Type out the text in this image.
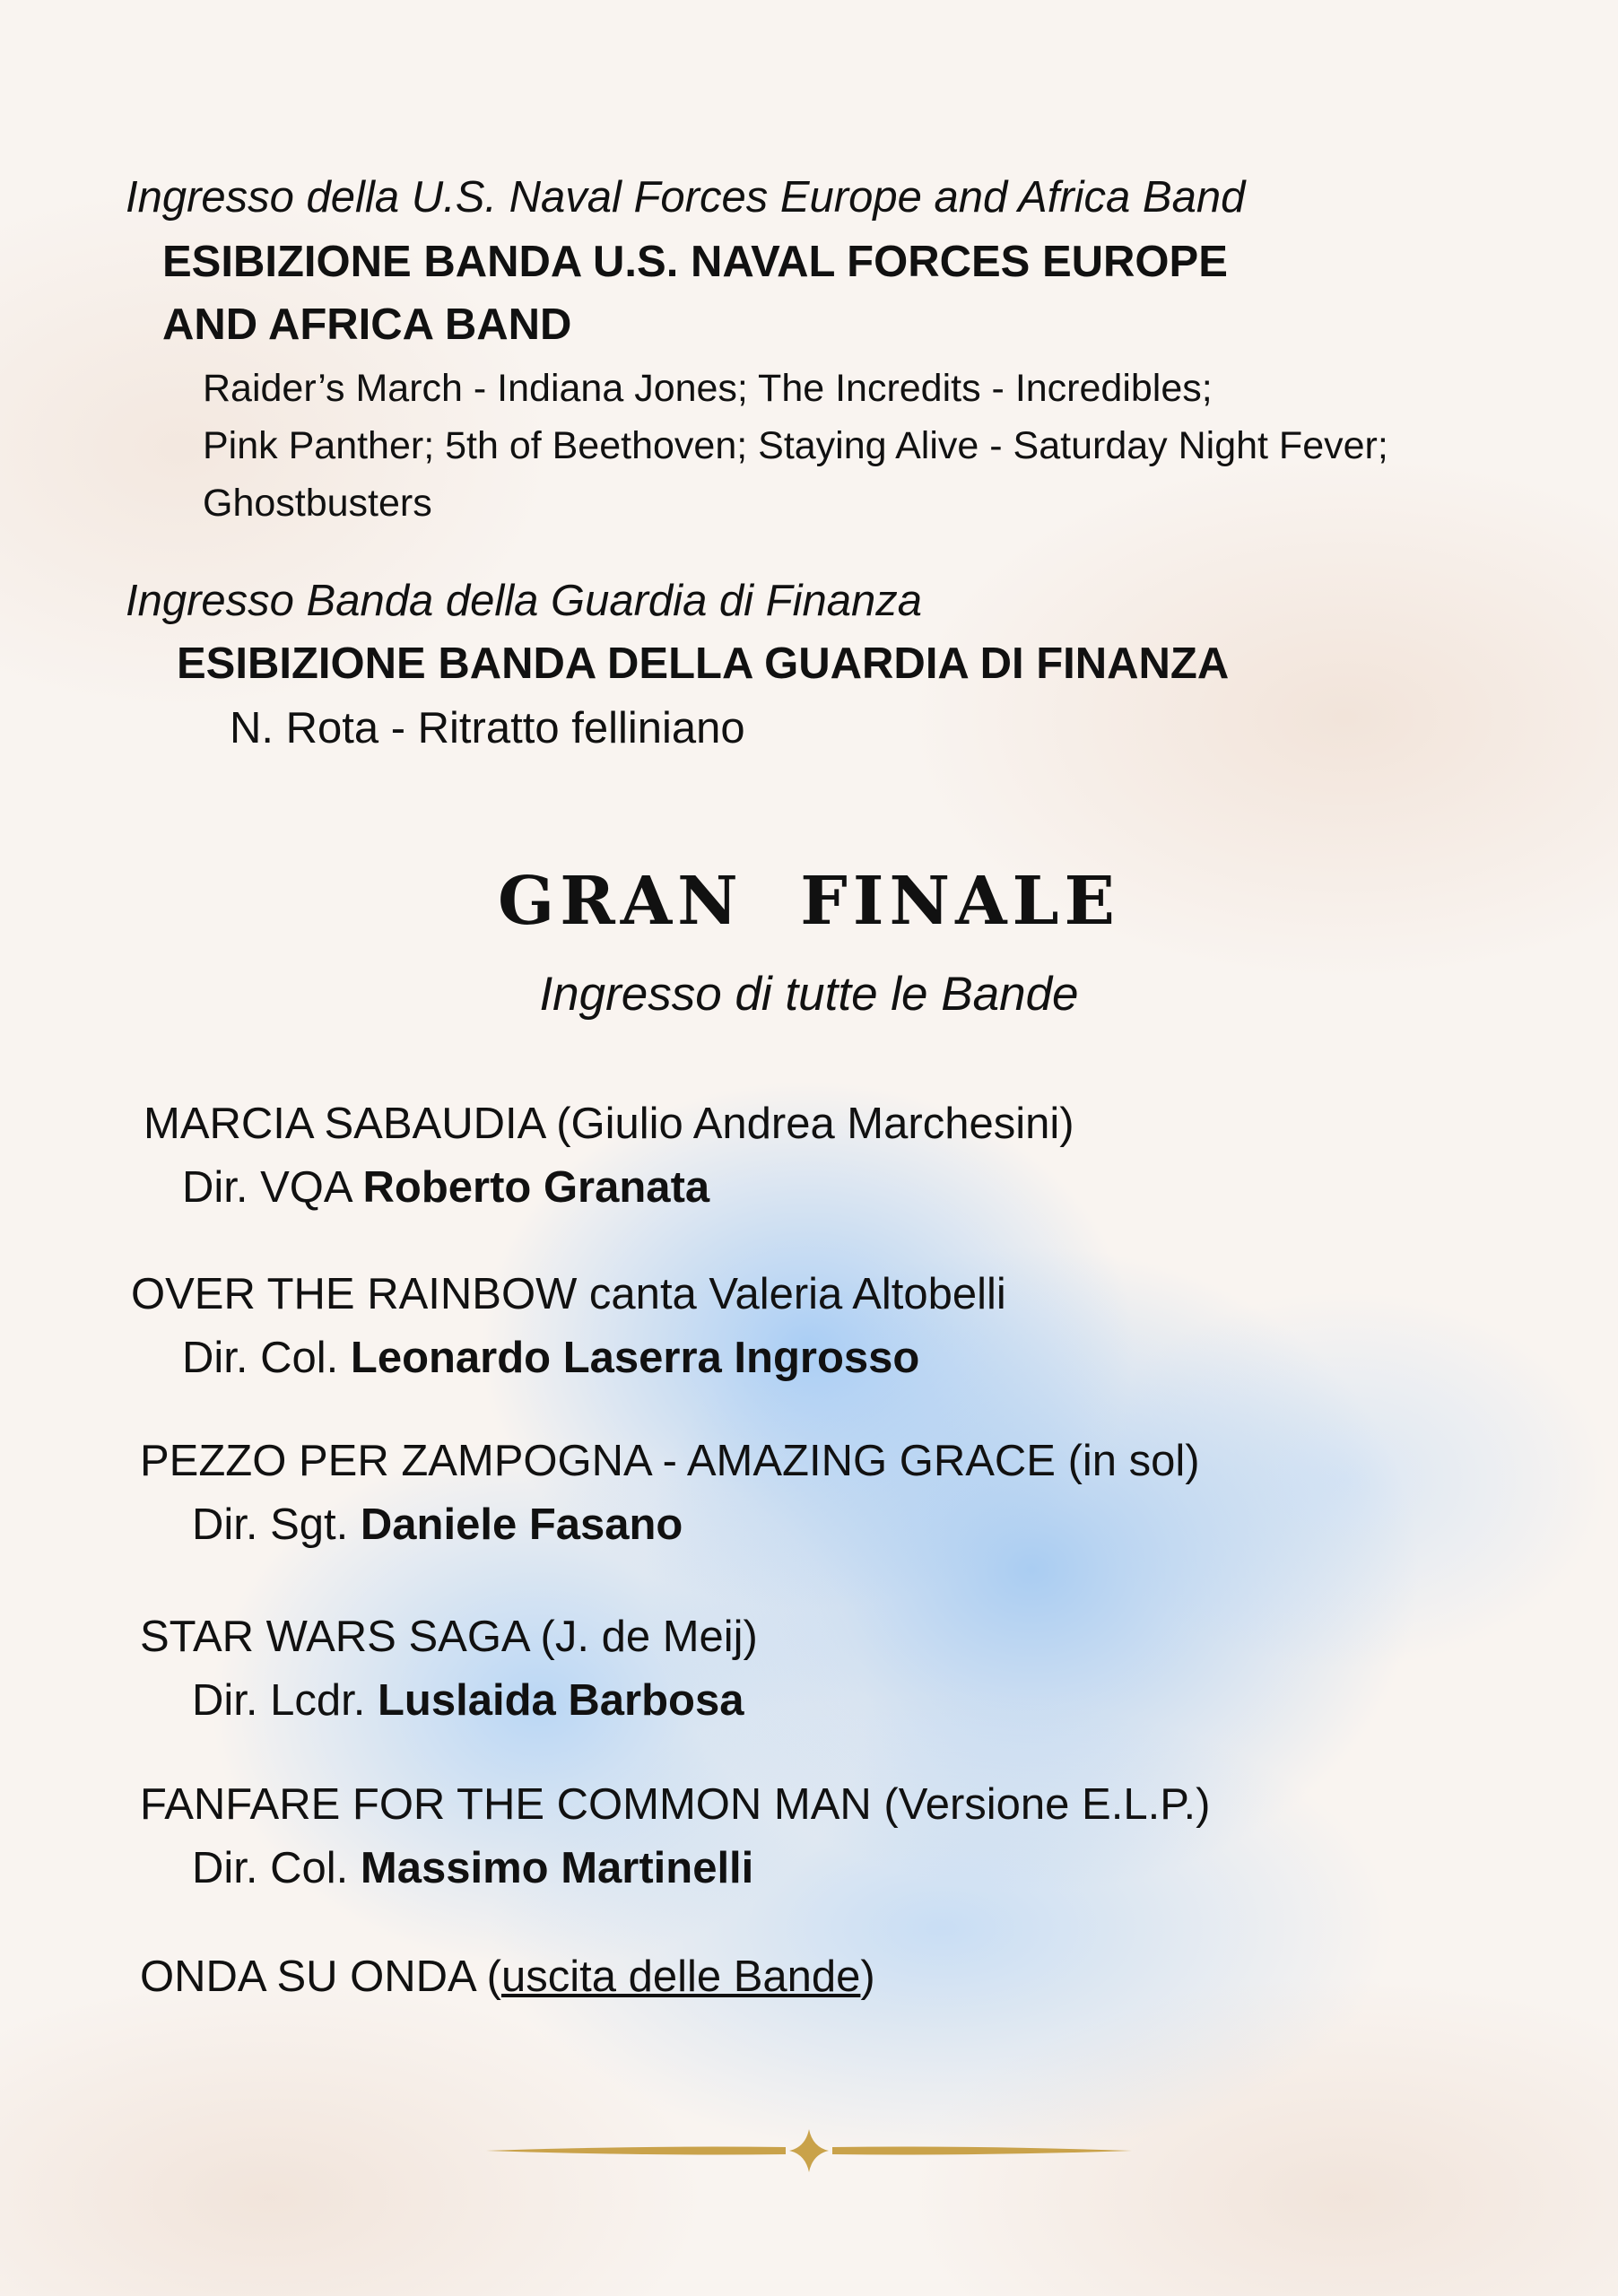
Ingresso della U.S. Naval Forces Europe and Africa Band

ESIBIZIONE BANDA U.S. NAVAL FORCES EUROPE

AND AFRICA BAND

Raider’s March - Indiana Jones; The Incredits - Incredibles;
Pink Panther; 5th of Beethoven; Staying Alive - Saturday Night Fever;
Ghostbusters

Ingresso Banda della Guardia di Finanza

ESIBIZIONE BANDA DELLA GUARDIA DI FINANZA

N. Rota - Ritratto felliniano

GRAN  FINALE

Ingresso di tutte le Bande

MARCIA SABAUDIA (Giulio Andrea Marchesini)

Dir. VQA Roberto Granata

OVER THE RAINBOW canta Valeria Altobelli

Dir. Col. Leonardo Laserra Ingrosso

PEZZO PER ZAMPOGNA - AMAZING GRACE (in sol)

Dir. Sgt. Daniele Fasano

STAR WARS SAGA (J. de Meij)

Dir. Lcdr. Luslaida Barbosa

FANFARE FOR THE COMMON MAN (Versione E.L.P.)

Dir. Col. Massimo Martinelli

ONDA SU ONDA (uscita delle Bande)
